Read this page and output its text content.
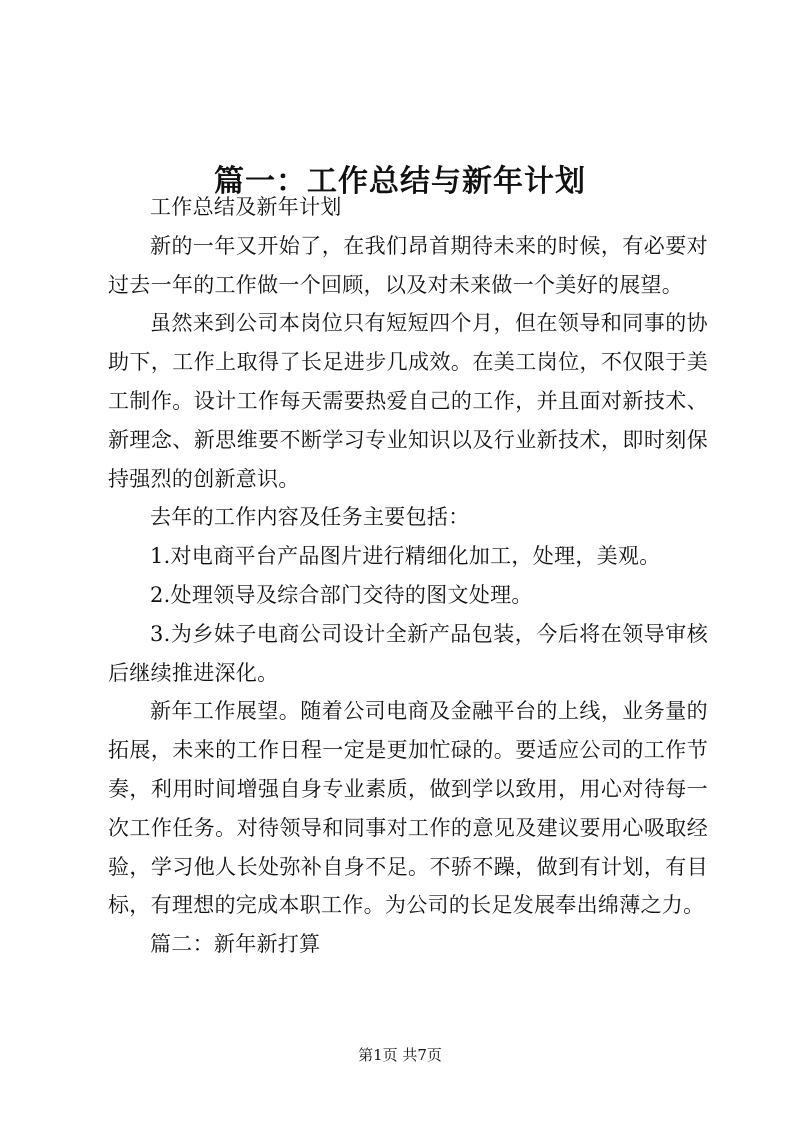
篇一：工作总结与新年计划

工作总结及新年计划

新的一年又开始了，在我们昂首期待未来的时候，有必要对过去一年的工作做一个回顾，以及对未来做一个美好的展望。

虽然来到公司本岗位只有短短四个月，但在领导和同事的协助下，工作上取得了长足进步几成效。在美工岗位，不仅限于美工制作。设计工作每天需要热爱自己的工作，并且面对新技术、新理念、新思维要不断学习专业知识以及行业新技术，即时刻保持强烈的创新意识。

去年的工作内容及任务主要包括：

1.对电商平台产品图片进行精细化加工，处理，美观。

2.处理领导及综合部门交待的图文处理。

3.为乡妹子电商公司设计全新产品包装，今后将在领导审核后继续推进深化。

新年工作展望。随着公司电商及金融平台的上线，业务量的拓展，未来的工作日程一定是更加忙碌的。要适应公司的工作节奏，利用时间增强自身专业素质，做到学以致用，用心对待每一次工作任务。对待领导和同事对工作的意见及建议要用心吸取经验，学习他人长处弥补自身不足。不骄不躁，做到有计划，有目标，有理想的完成本职工作。为公司的长足发展奉出绵薄之力。

篇二：新年新打算

第1页 共7页
